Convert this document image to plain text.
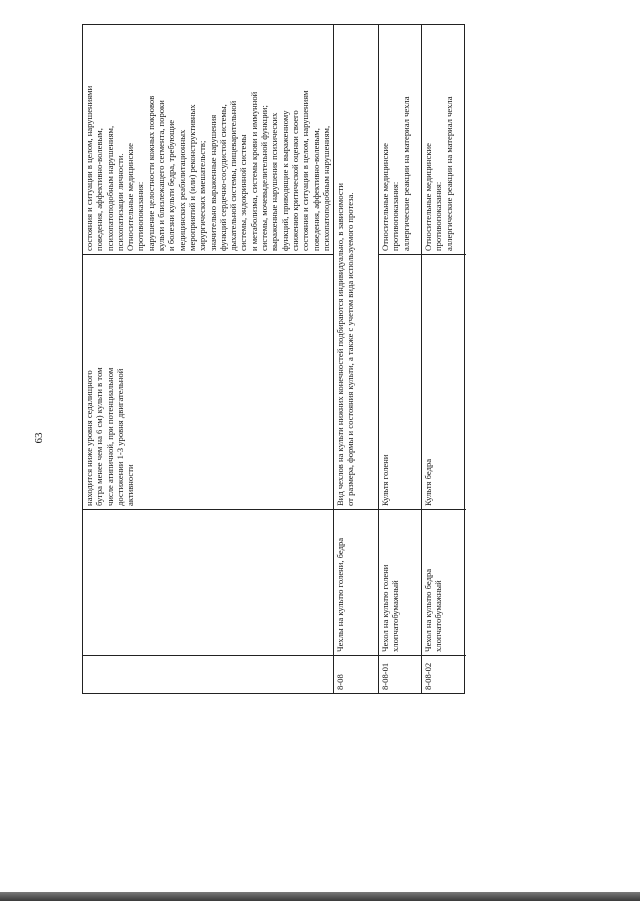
63
находится ниже уровня седалищного
бугра менее чем на 6 см) культи в том
числе атипичной, при потенциальном
достижении 1-3 уровня двигательной
активности
состояния и ситуации в целом, нарушениями
поведения, аффективно-волевым,
психопатоподобным нарушениям,
психопатизации личности.
Относительные медицинские
противопоказания:
нарушение целостности кожных покровов
культи и близлежащего сегмента, пороки
и болезни культи бедра, требующие
медицинских реабилитационных
мероприятий и (или) реконструктивных
хирургических вмешательств;
значительно выраженные нарушения
функций сердечно-сосудистой системы,
дыхательной системы, пищеварительной
системы, эндокринной системы
и метаболизма, системы крови и иммунной
системы, мочевыделительной функции;
выраженные нарушения психических
функций, приводящие к выраженному
снижению критической оценки своего
состояния и ситуации в целом, нарушениям
поведения, аффективно-волевым,
психопатоподобным нарушениям,

8-08
Чехлы на культю голени, бедра
Вид чехлов на культи нижних конечностей подбираются индивидуально, в зависимости
от размера, формы и состояния культи, а также с учетом вида используемого протеза.
8-08-01
Чехол на культю голени
хлопчатобумажный
Культя голени
Относительные медицинские
противопоказания:
аллергические реакции на материал чехла
8-08-02
Чехол на культю бедра
хлопчатобумажный
Культя бедра
Относительные медицинские
противопоказания:
аллергические реакции на материал чехла
